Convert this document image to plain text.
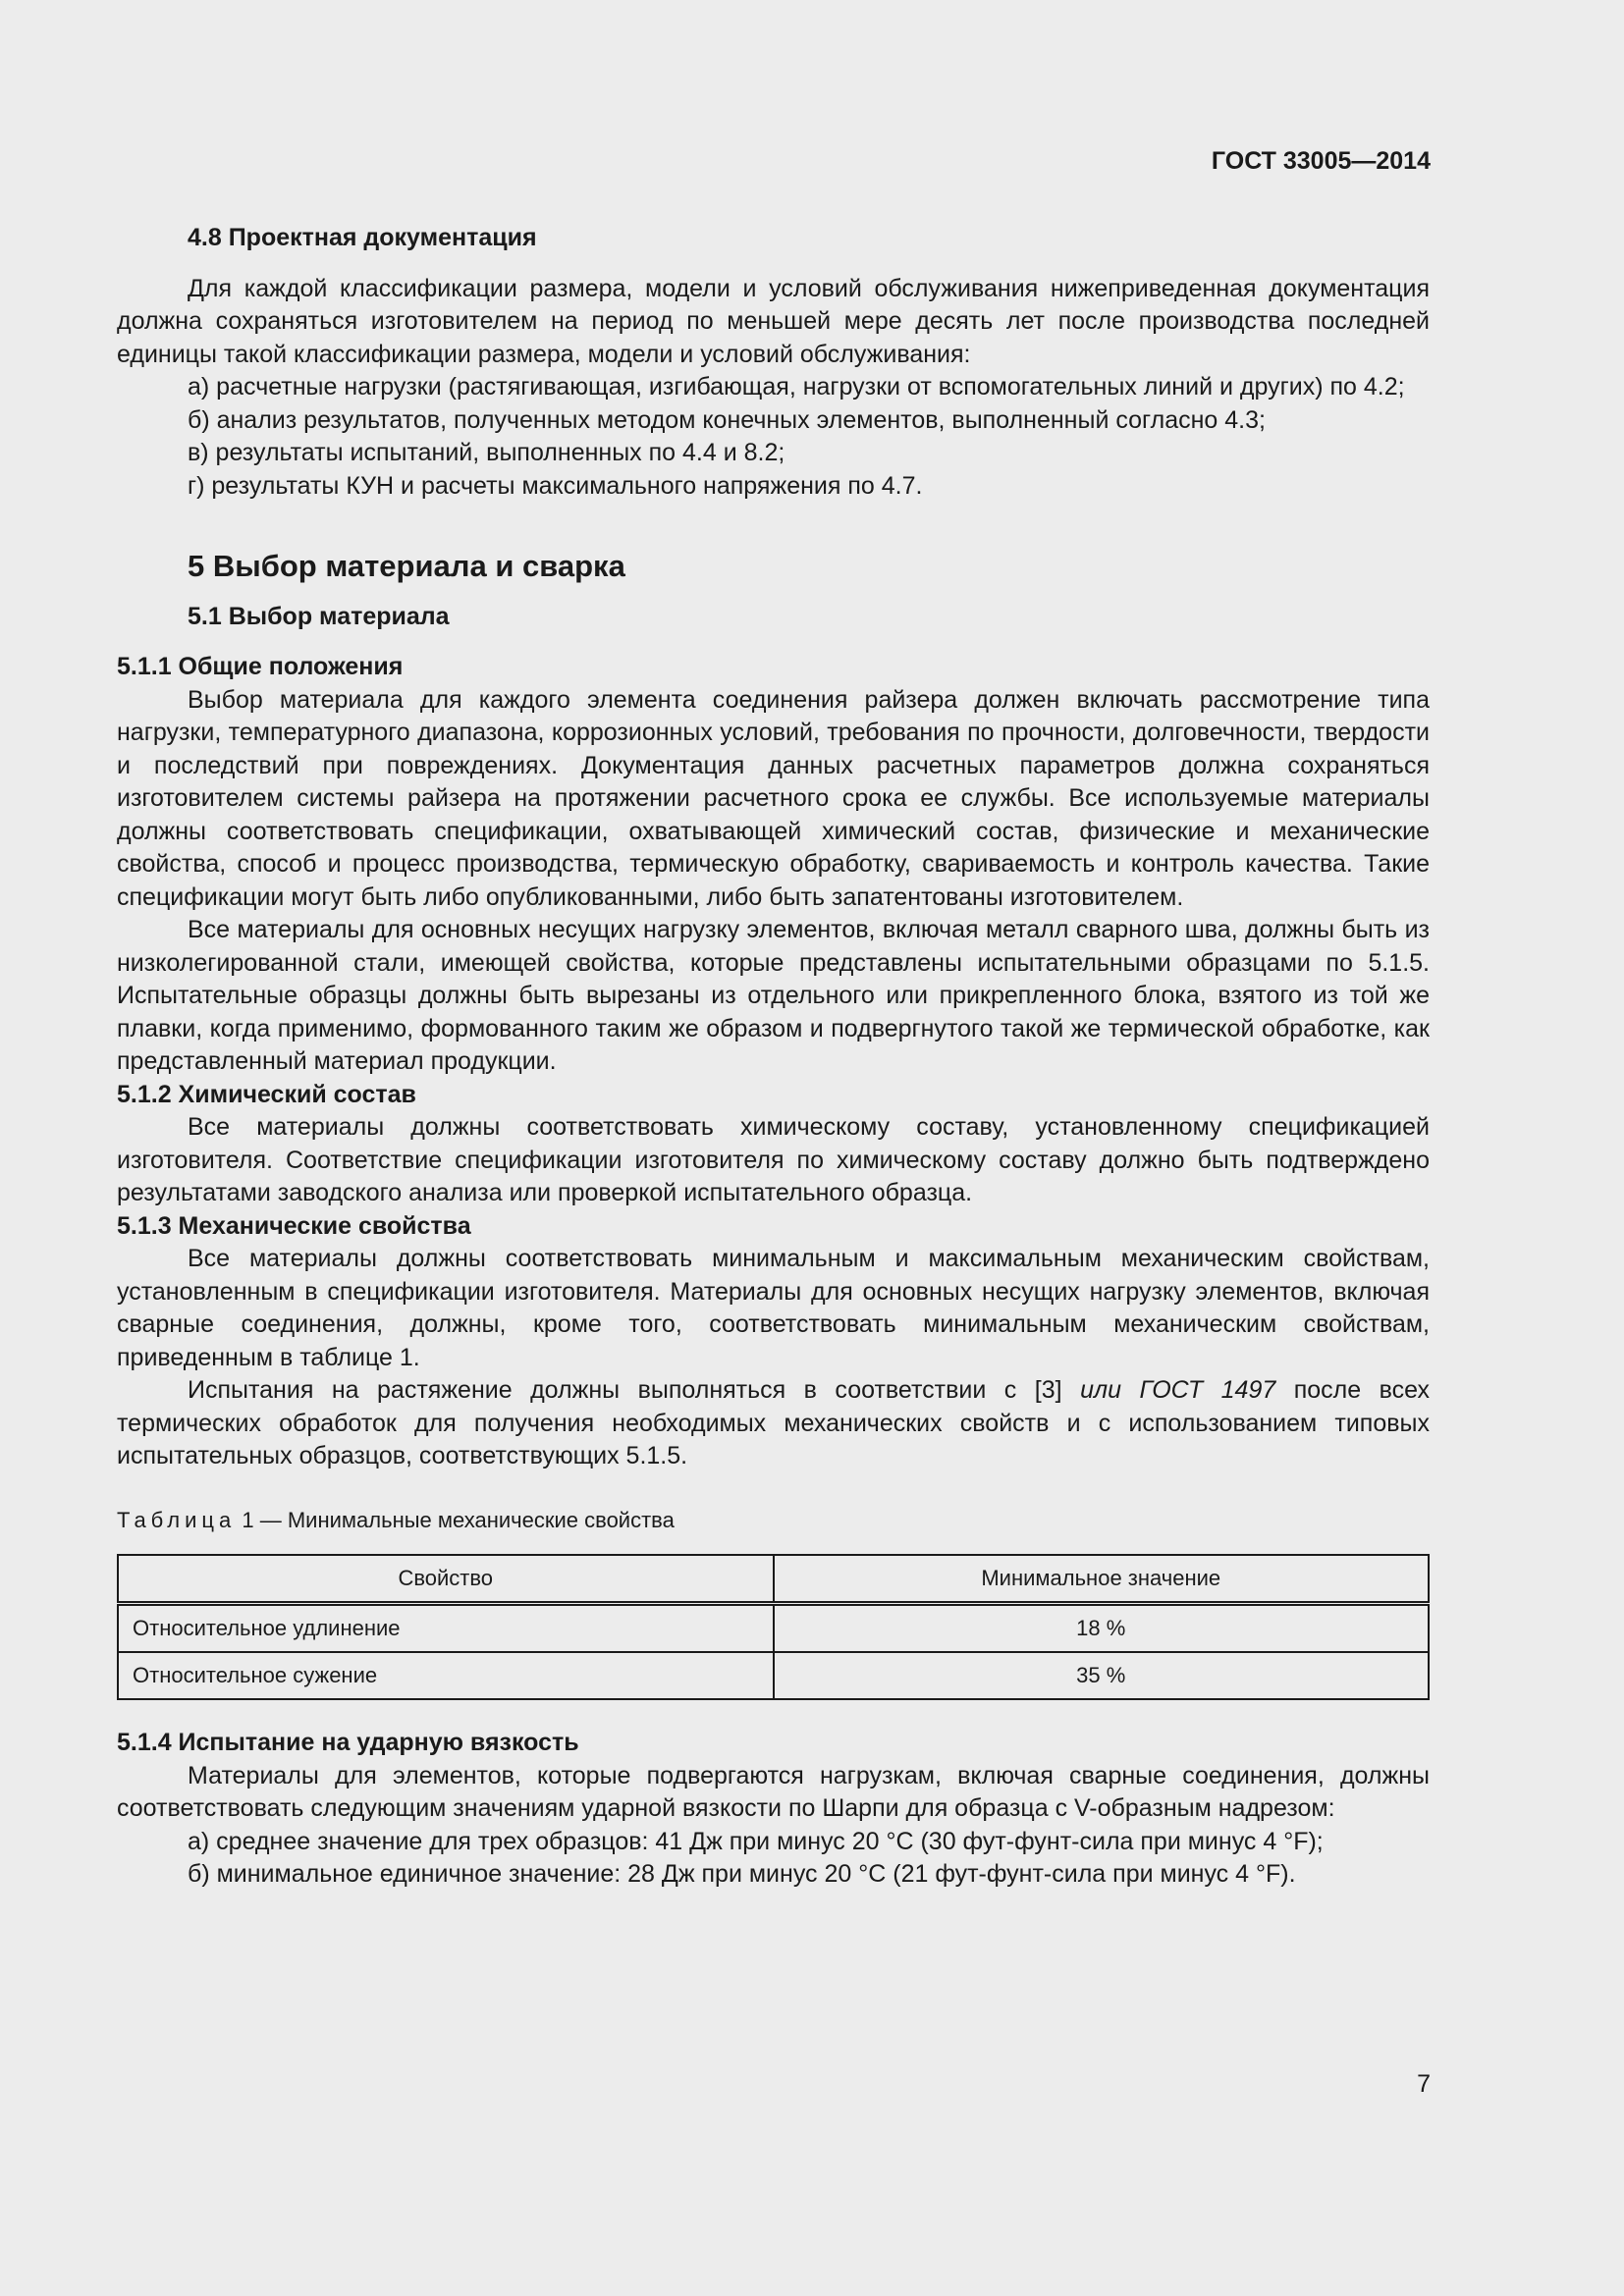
ГОСТ 33005—2014

4.8 Проектная документация

Для каждой классификации размера, модели и условий обслуживания нижеприведенная документация должна сохраняться изготовителем на период по меньшей мере десять лет после производства последней единицы такой классификации размера, модели и условий обслуживания:

а) расчетные нагрузки (растягивающая, изгибающая, нагрузки от вспомогательных линий и других) по 4.2;

б) анализ результатов, полученных методом конечных элементов, выполненный согласно 4.3;

в) результаты испытаний, выполненных по 4.4 и 8.2;

г) результаты КУН и расчеты максимального напряжения по 4.7.

5 Выбор материала и сварка

5.1 Выбор материала

5.1.1 Общие положения

Выбор материала для каждого элемента соединения райзера должен включать рассмотрение типа нагрузки, температурного диапазона, коррозионных условий, требования по прочности, долговечности, твердости и последствий при повреждениях. Документация данных расчетных параметров должна сохраняться изготовителем системы райзера на протяжении расчетного срока ее службы. Все используемые материалы должны соответствовать спецификации, охватывающей химический состав, физические и механические свойства, способ и процесс производства, термическую обработку, свариваемость и контроль качества. Такие спецификации могут быть либо опубликованными, либо быть запатентованы изготовителем.

Все материалы для основных несущих нагрузку элементов, включая металл сварного шва, должны быть из низколегированной стали, имеющей свойства, которые представлены испытательными образцами по 5.1.5. Испытательные образцы должны быть вырезаны из отдельного или прикрепленного блока, взятого из той же плавки, когда применимо, формованного таким же образом и подвергнутого такой же термической обработке, как представленный материал продукции.

5.1.2 Химический состав

Все материалы должны соответствовать химическому составу, установленному спецификацией изготовителя. Соответствие спецификации изготовителя по химическому составу должно быть подтверждено результатами заводского анализа или проверкой испытательного образца.

5.1.3 Механические свойства

Все материалы должны соответствовать минимальным и максимальным механическим свойствам, установленным в спецификации изготовителя. Материалы для основных несущих нагрузку элементов, включая сварные соединения, должны, кроме того, соответствовать минимальным механическим свойствам, приведенным в таблице 1.

Испытания на растяжение должны выполняться в соответствии с [3] или ГОСТ 1497 после всех термических обработок для получения необходимых механических свойств и с использованием типовых испытательных образцов, соответствующих 5.1.5.

Таблица 1 — Минимальные механические свойства

Свойство	Минимальное значение
Относительное удлинение	18 %
Относительное сужение	35 %

5.1.4 Испытание на ударную вязкость

Материалы для элементов, которые подвергаются нагрузкам, включая сварные соединения, должны соответствовать следующим значениям ударной вязкости по Шарпи для образца с V-образным надрезом:

а) среднее значение для трех образцов: 41 Дж при минус 20 °С (30 фут-фунт-сила при минус 4 °F);

б) минимальное единичное значение: 28 Дж при минус 20 °С (21 фут-фунт-сила при минус 4 °F).

7
